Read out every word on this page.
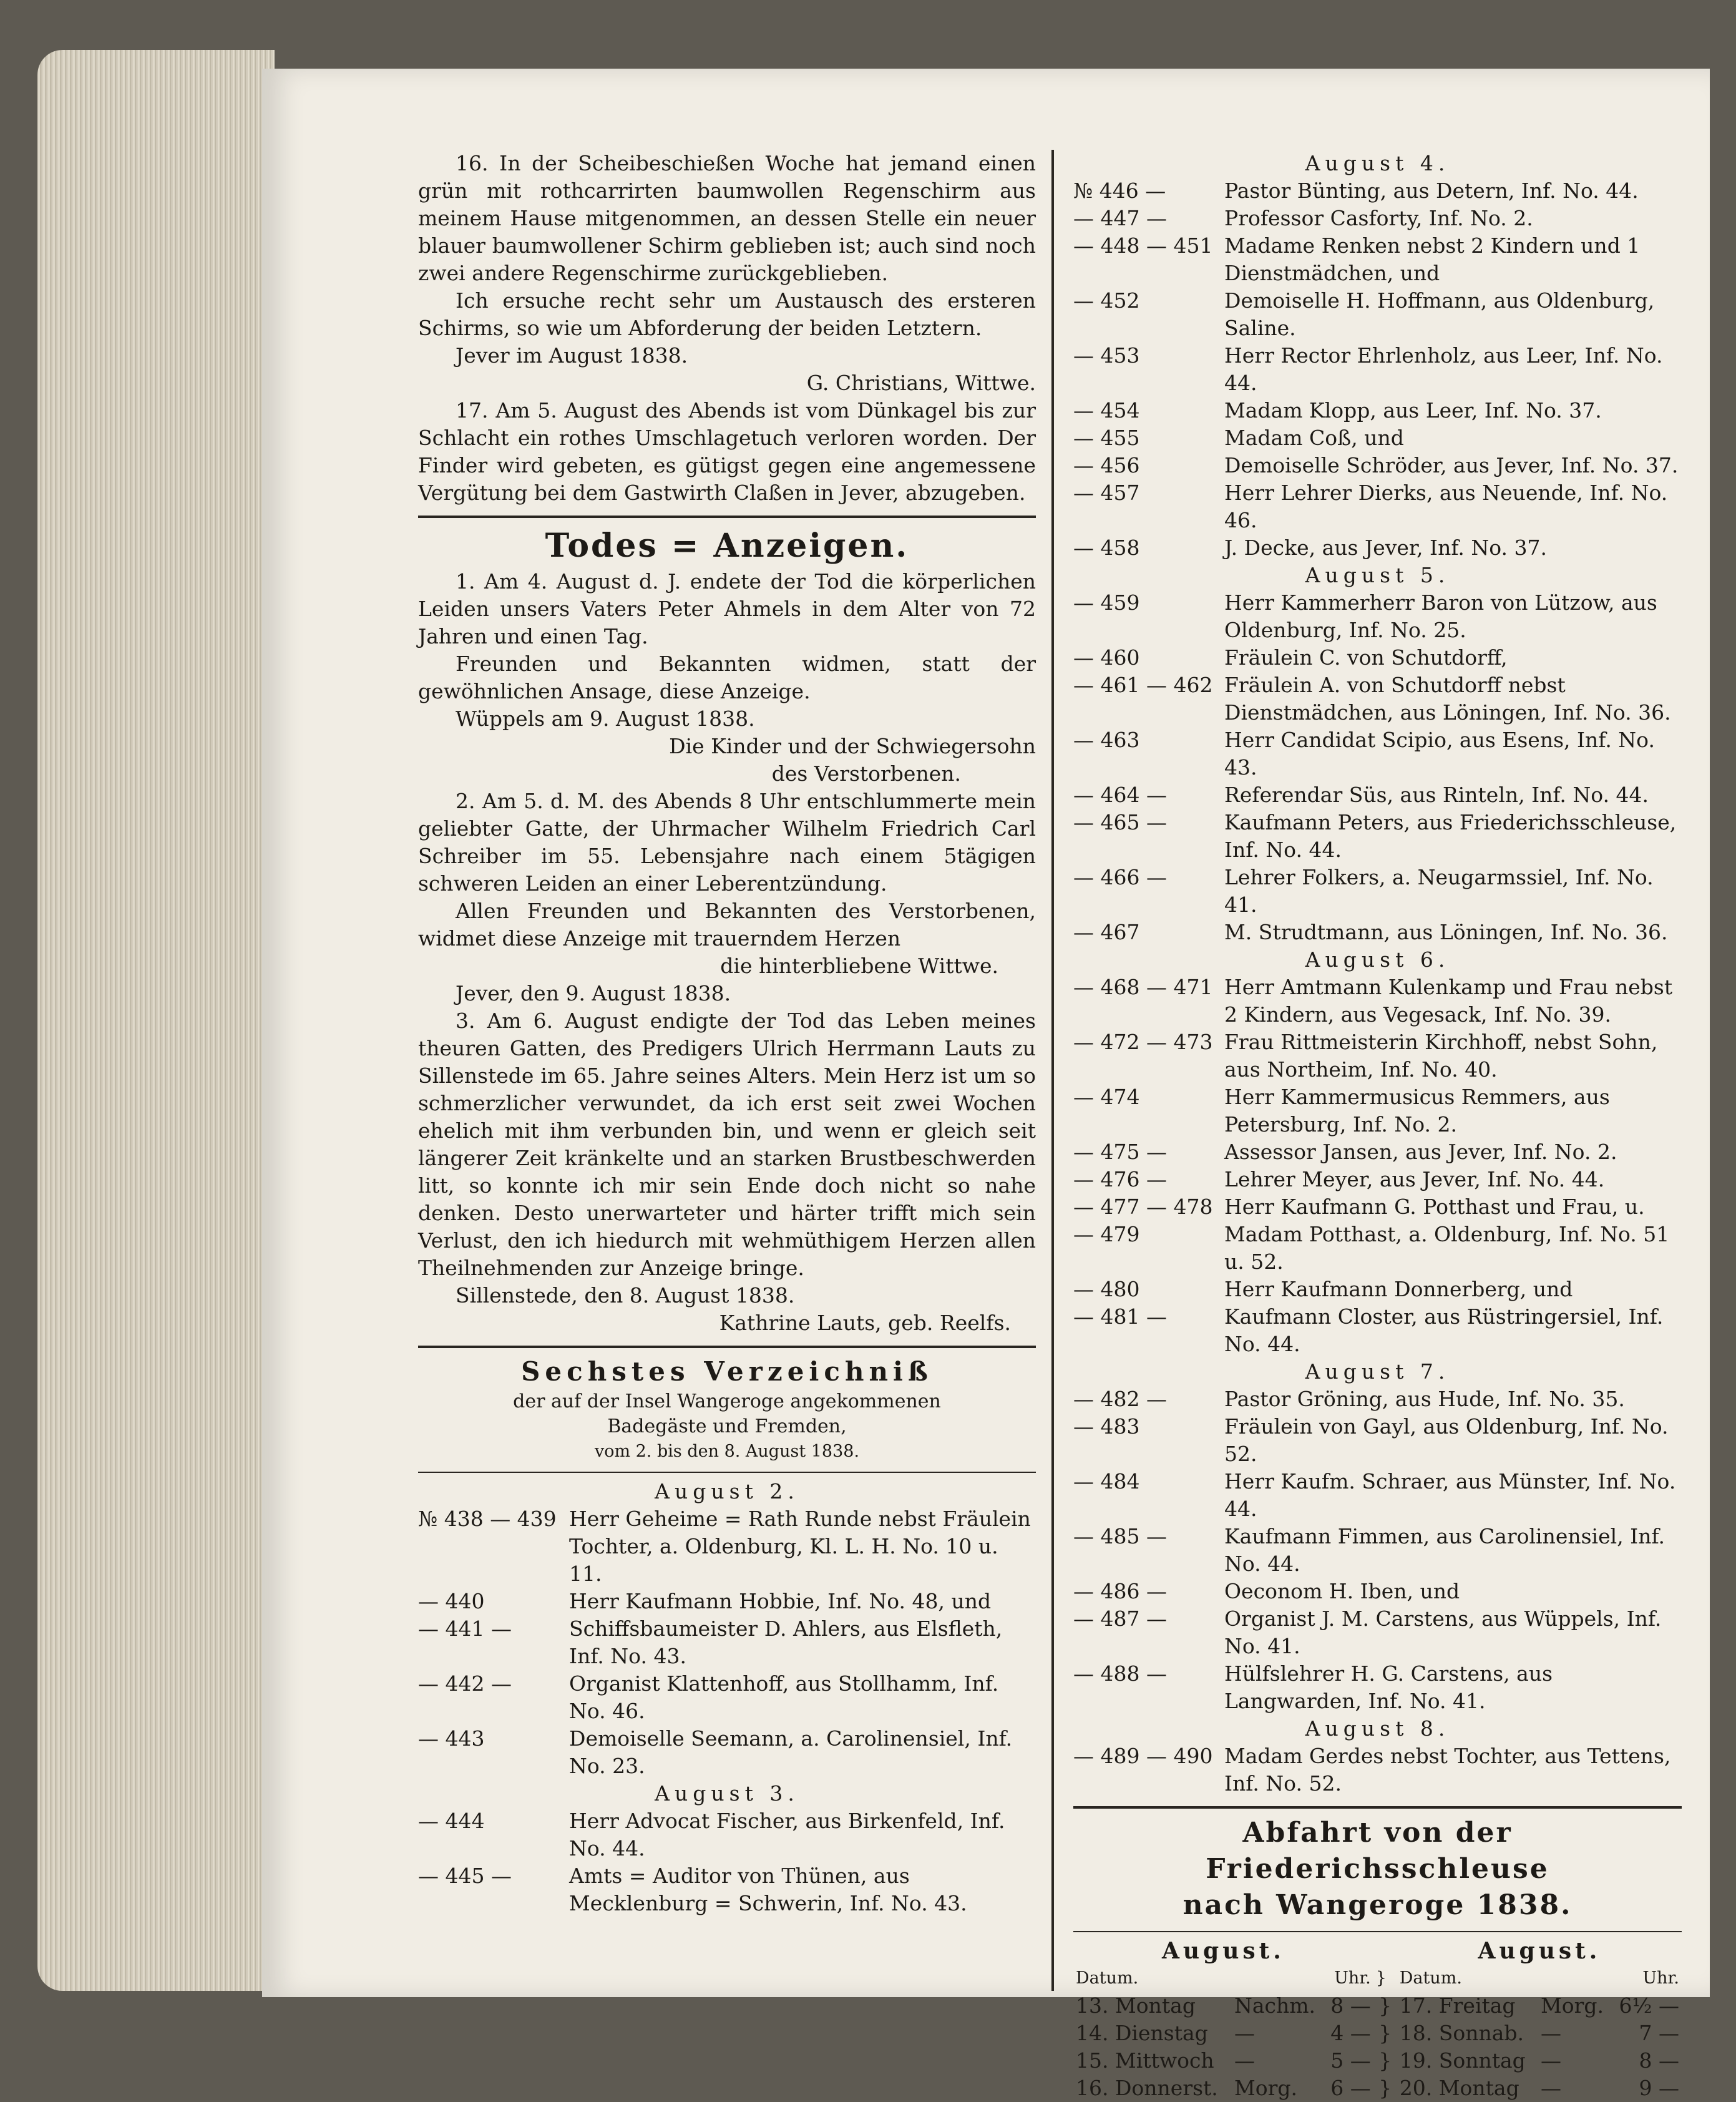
16. In der Scheibeschießen Woche hat jemand einen grün mit rothcarrirten baumwollen Regenschirm aus meinem Hause mitgenommen, an dessen Stelle ein neuer blauer baumwollener Schirm geblieben ist; auch sind noch zwei andere Regenschirme zurückgeblieben.

Ich ersuche recht sehr um Austausch des ersteren Schirms, so wie um Abforderung der beiden Letztern.

Jever im August 1838.

G. Christians, Wittwe.

17. Am 5. August des Abends ist vom Dünkagel bis zur Schlacht ein rothes Umschlagetuch verloren worden. Der Finder wird gebeten, es gütigst gegen eine angemessene Vergütung bei dem Gastwirth Claßen in Jever, abzugeben.

Todes = Anzeigen.

1. Am 4. August d. J. endete der Tod die körperlichen Leiden unsers Vaters Peter Ahmels in dem Alter von 72 Jahren und einen Tag.

Freunden und Bekannten widmen, statt der gewöhnlichen Ansage, diese Anzeige.

Wüppels am 9. August 1838.

Die Kinder und der Schwiegersohn

des Verstorbenen.

2. Am 5. d. M. des Abends 8 Uhr entschlummerte mein geliebter Gatte, der Uhrmacher Wilhelm Friedrich Carl Schreiber im 55. Lebensjahre nach einem 5tägigen schweren Leiden an einer Leberentzündung.

Allen Freunden und Bekannten des Verstorbenen, widmet diese Anzeige mit trauerndem Herzen

die hinterbliebene Wittwe.

Jever, den 9. August 1838.

3. Am 6. August endigte der Tod das Leben meines theuren Gatten, des Predigers Ulrich Herrmann Lauts zu Sillenstede im 65. Jahre seines Alters. Mein Herz ist um so schmerzlicher verwundet, da ich erst seit zwei Wochen ehelich mit ihm verbunden bin, und wenn er gleich seit längerer Zeit kränkelte und an starken Brustbeschwerden litt, so konnte ich mir sein Ende doch nicht so nahe denken. Desto unerwarteter und härter trifft mich sein Verlust, den ich hiedurch mit wehmüthigem Herzen allen Theilnehmenden zur Anzeige bringe.

Sillenstede, den 8. August 1838.

Kathrine Lauts, geb. Reelfs.

Sechstes Verzeichniß

der auf der Insel Wangeroge angekommenen

Badegäste und Fremden,

vom 2. bis den 8. August 1838.

August 2.

№ 438 — 439 Herr Geheime = Rath Runde nebst Fräulein Tochter, a. Oldenburg, Kl. L. H. No. 10 u. 11.
— 440	Herr Kaufmann Hobbie, Inf. No. 48, und
— 441 —	Schiffsbaumeister D. Ahlers, aus Elsfleth, Inf. No. 43.
— 442 —	Organist Klattenhoff, aus Stollhamm, Inf. No. 46.
— 443	Demoiselle Seemann, a. Carolinensiel, Inf. No. 23.

August 3.

— 444	Herr Advocat Fischer, aus Birkenfeld, Inf. No. 44.
— 445 —	Amts = Auditor von Thünen, aus Mecklenburg = Schwerin, Inf. No. 43.

August 4.

№ 446 —	Pastor Bünting, aus Detern, Inf. No. 44.
— 447 —	Professor Casforty, Inf. No. 2.
— 448 — 451 Madame Renken nebst 2 Kindern und 1 Dienstmädchen, und
— 452	Demoiselle H. Hoffmann, aus Oldenburg, Saline.
— 453	Herr Rector Ehrlenholz, aus Leer, Inf. No. 44.
— 454	Madam Klopp, aus Leer, Inf. No. 37.
— 455	Madam Coß, und
— 456	Demoiselle Schröder, aus Jever, Inf. No. 37.
— 457	Herr Lehrer Dierks, aus Neuende, Inf. No. 46.
— 458	J. Decke, aus Jever, Inf. No. 37.

August 5.

— 459	Herr Kammerherr Baron von Lützow, aus Oldenburg, Inf. No. 25.
— 460	Fräulein C. von Schutdorff,
— 461 — 462 Fräulein A. von Schutdorff nebst Dienstmädchen, aus Löningen, Inf. No. 36.
— 463	Herr Candidat Scipio, aus Esens, Inf. No. 43.
— 464 —	Referendar Süs, aus Rinteln, Inf. No. 44.
— 465 —	Kaufmann Peters, aus Friederichsschleuse, Inf. No. 44.
— 466 —	Lehrer Folkers, a. Neugarmssiel, Inf. No. 41.
— 467	M. Strudtmann, aus Löningen, Inf. No. 36.

August 6.

— 468 — 471 Herr Amtmann Kulenkamp und Frau nebst 2 Kindern, aus Vegesack, Inf. No. 39.
— 472 — 473 Frau Rittmeisterin Kirchhoff, nebst Sohn, aus Northeim, Inf. No. 40.
— 474	Herr Kammermusicus Remmers, aus Petersburg, Inf. No. 2.
— 475 —	Assessor Jansen, aus Jever, Inf. No. 2.
— 476 —	Lehrer Meyer, aus Jever, Inf. No. 44.
— 477 — 478 Herr Kaufmann G. Potthast und Frau, u.
— 479	Madam Potthast, a. Oldenburg, Inf. No. 51 u. 52.
— 480	Herr Kaufmann Donnerberg, und
— 481 —	Kaufmann Closter, aus Rüstringersiel, Inf. No. 44.

August 7.

— 482 —	Pastor Gröning, aus Hude, Inf. No. 35.
— 483	Fräulein von Gayl, aus Oldenburg, Inf. No. 52.
— 484	Herr Kaufm. Schraer, aus Münster, Inf. No. 44.
— 485 —	Kaufmann Fimmen, aus Carolinensiel, Inf. No. 44.
— 486 —	Oeconom H. Iben, und
— 487 —	Organist J. M. Carstens, aus Wüppels, Inf. No. 41.
— 488 —	Hülfslehrer H. G. Carstens, aus Langwarden, Inf. No. 41.

August 8.

— 489 — 490 Madam Gerdes nebst Tochter, aus Tettens, Inf. No. 52.
Abfahrt von der Friederichsschleuse
nach Wangeroge 1838.
August.				August.		
Datum.		Uhr.	}	Datum.		Uhr.
13. Montag	Nachm.	8 —	}	17. Freitag	Morg.	6½ —
14. Dienstag	—	4 —	}	18. Sonnab.	—	7 —
15. Mittwoch	—	5 —	}	19. Sonntag	—	8 —
16. Donnerst.	Morg.	6 —	}	20. Montag	—	9 —
